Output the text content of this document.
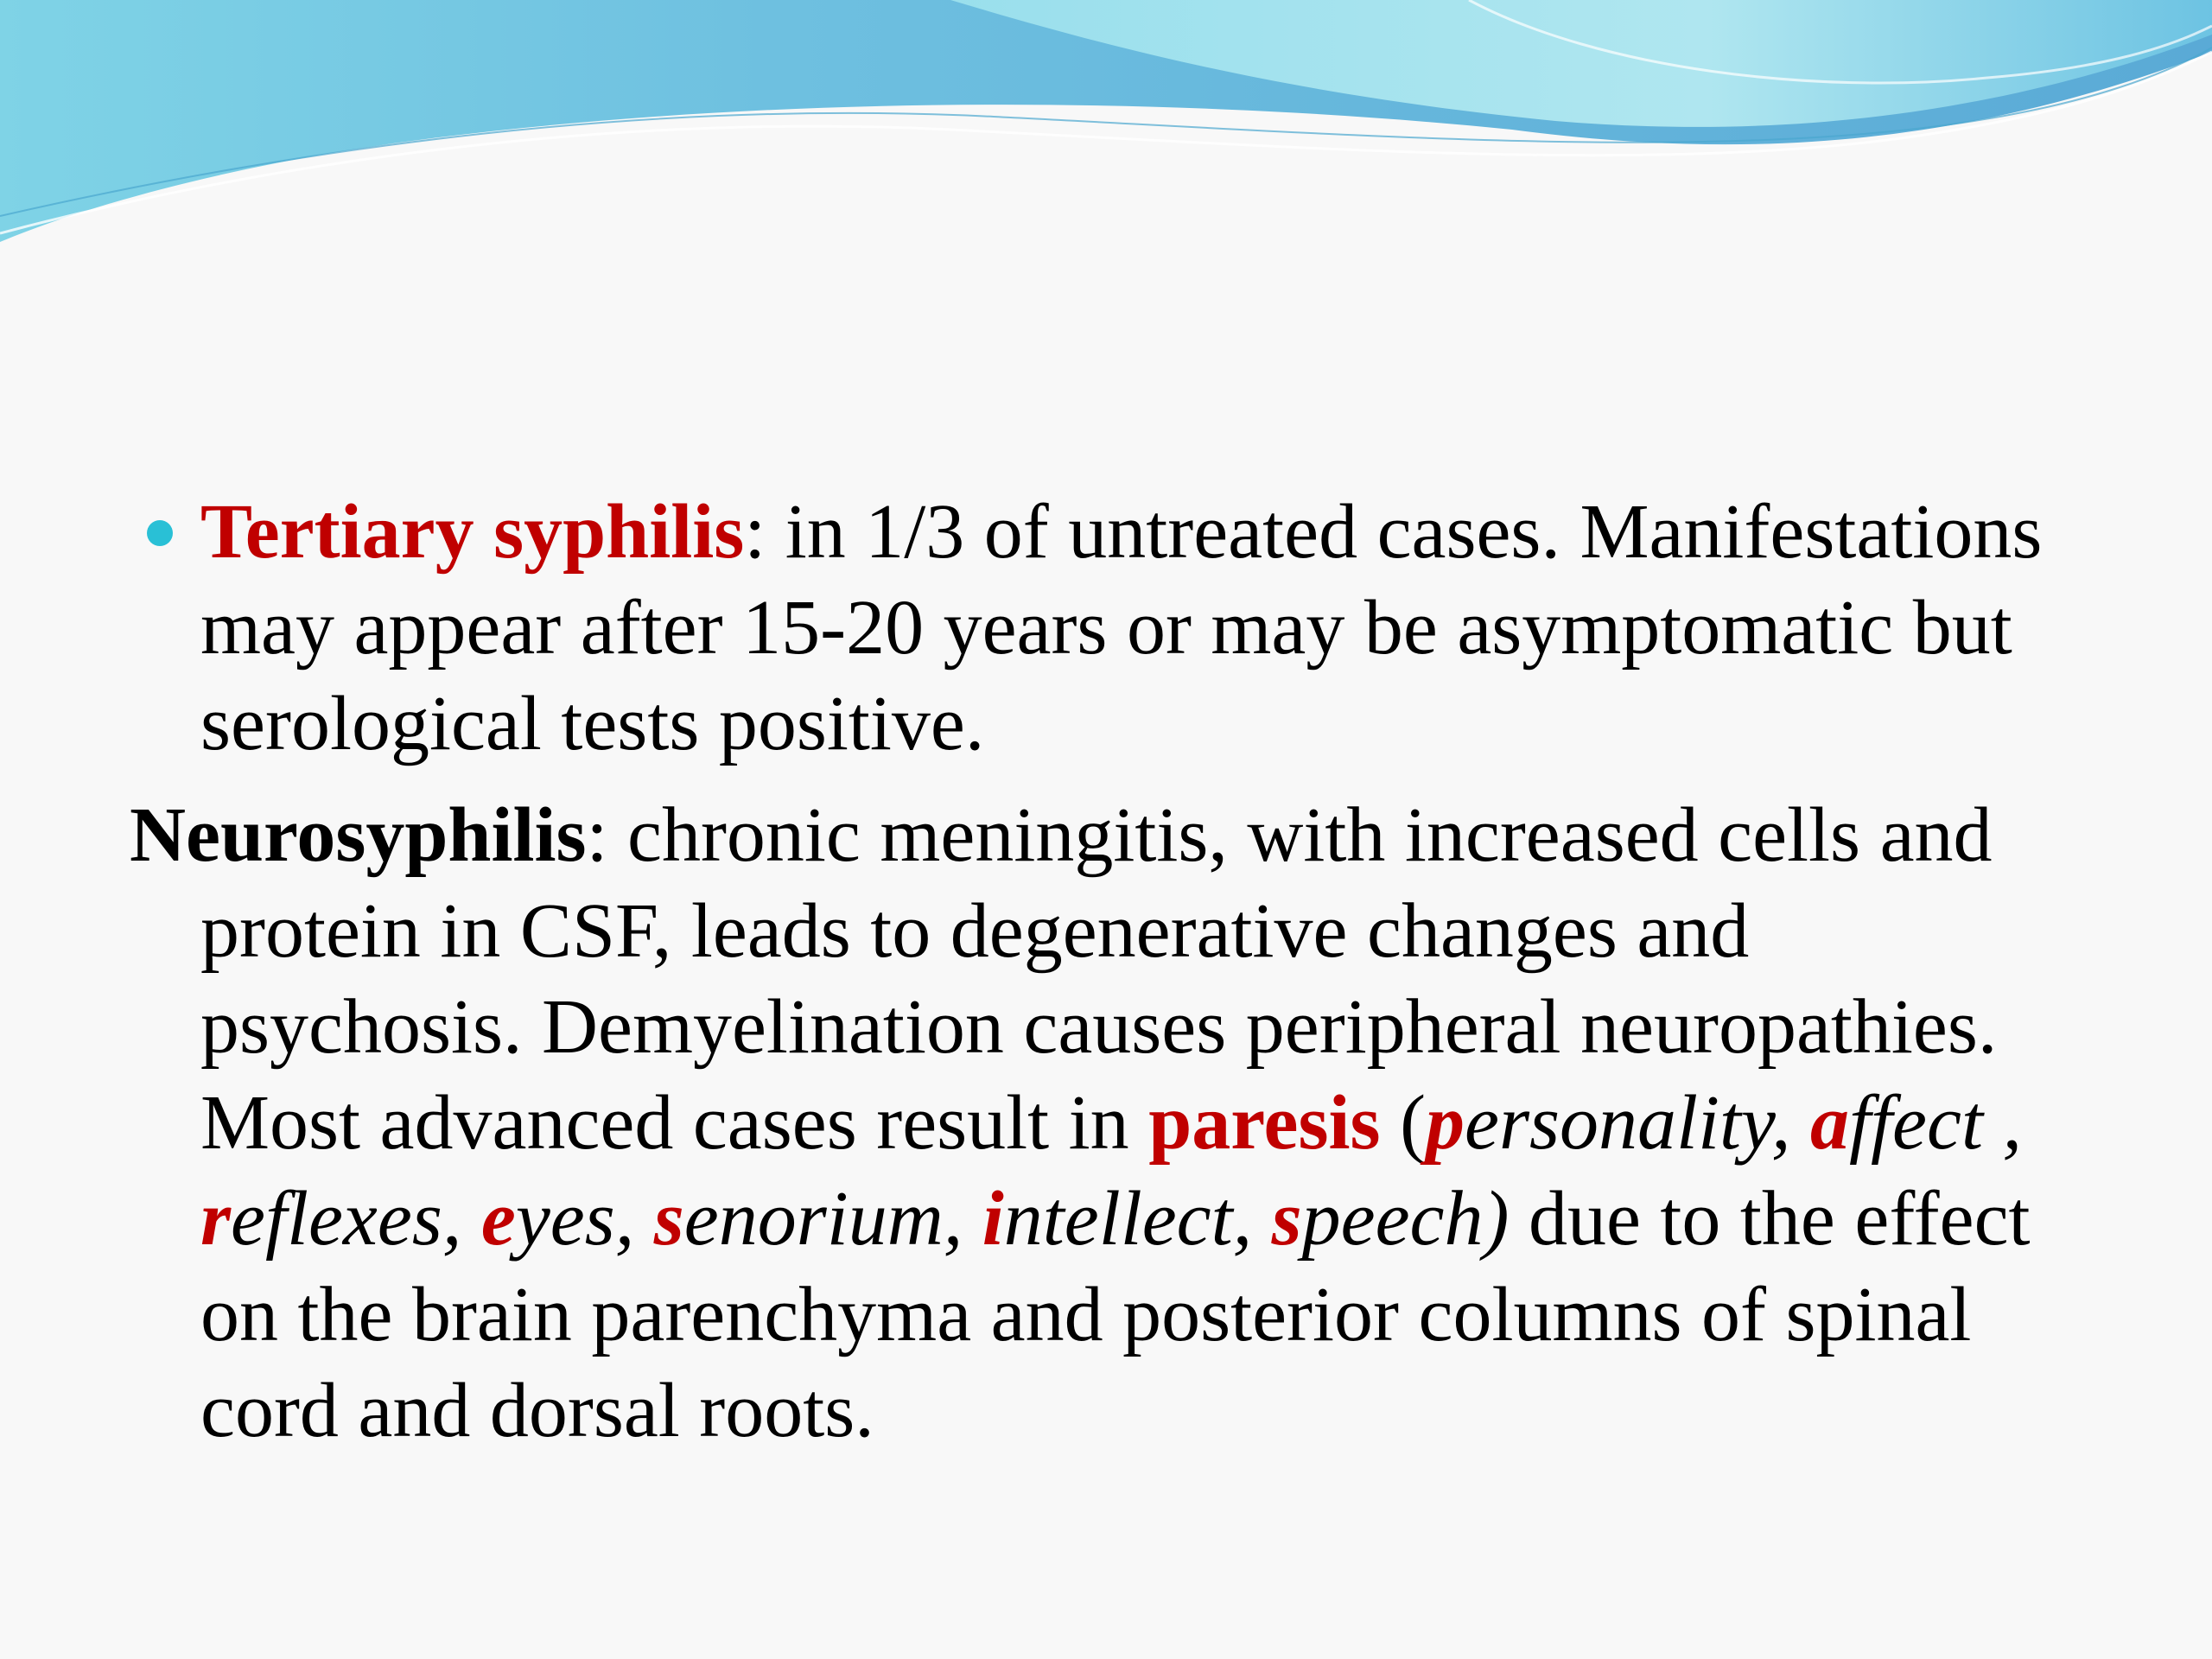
Tertiary syphilis: in 1/3 of untreated cases. Manifestations may appear after 15-20 years or may be asymptomatic but serological tests positive.

Neurosyphilis: chronic meningitis, with increased cells and protein in CSF, leads to degenerative changes and psychosis. Demyelination causes peripheral neuropathies. Most advanced cases result in paresis (personality, affect , reflexes, eyes, senorium, intellect, speech) due to the effect on the brain parenchyma and posterior columns of spinal cord and dorsal roots.
